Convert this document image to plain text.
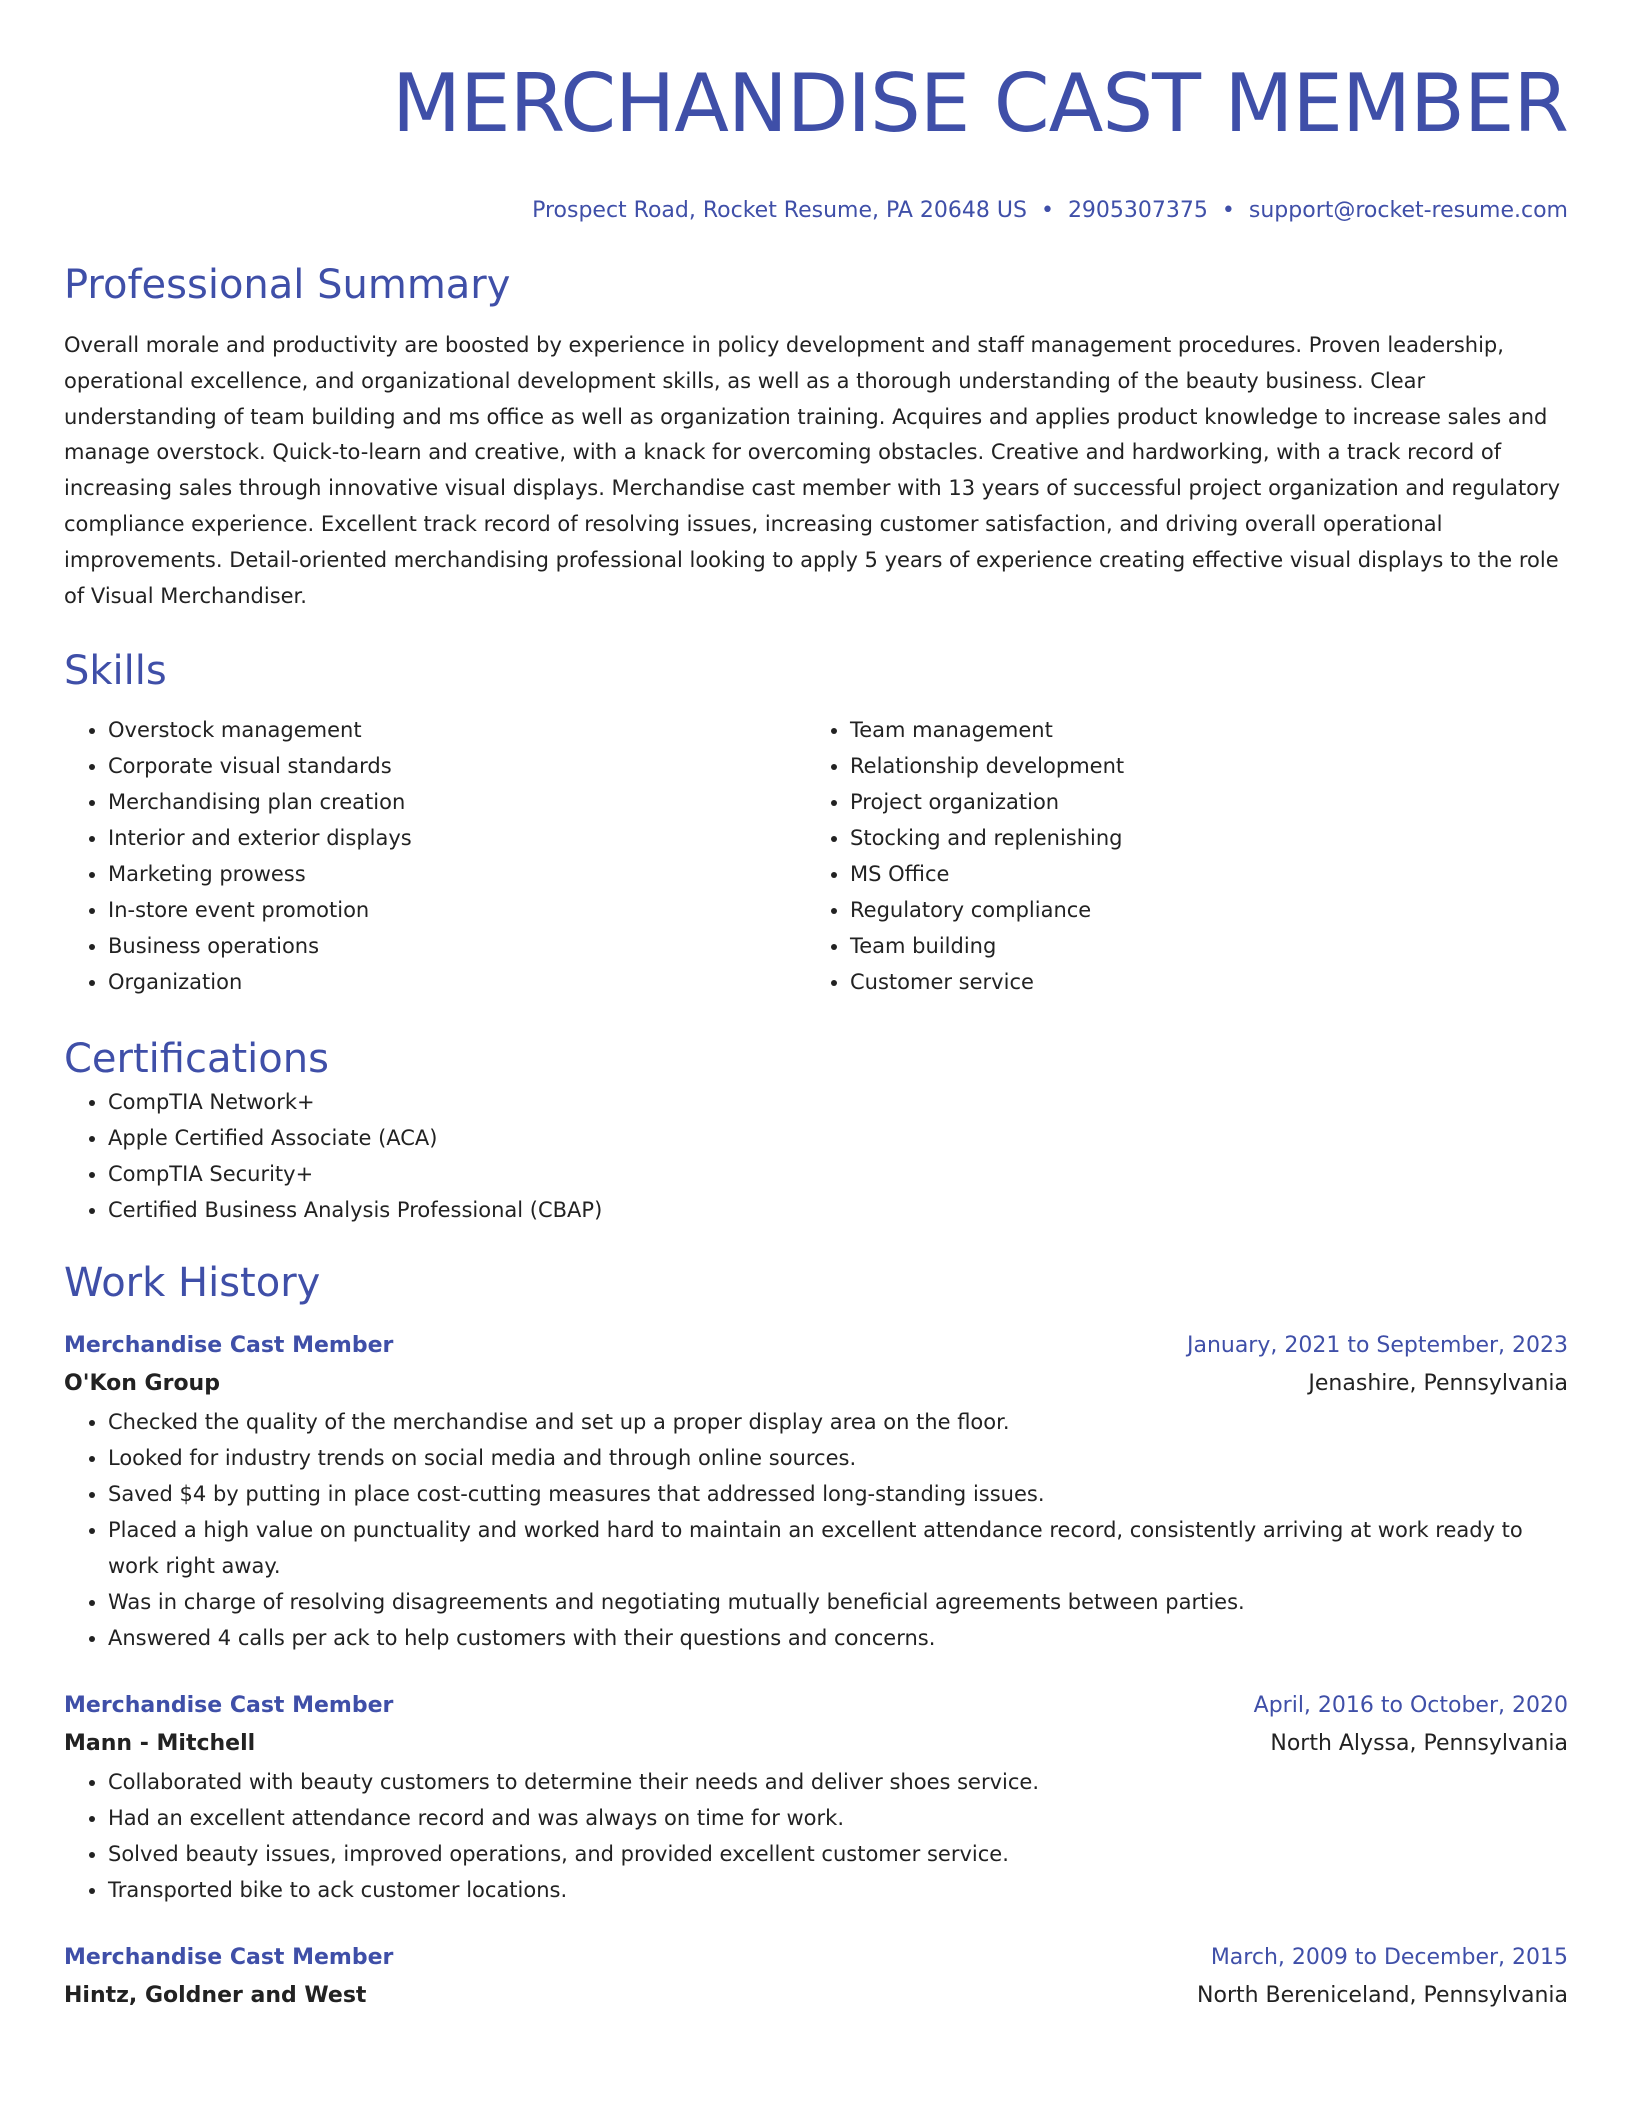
MERCHANDISE CAST MEMBER
Prospect Road, Rocket Resume, PA 20648 US • 2905307375 • support@rocket-resume.com
Professional Summary

Overall morale and productivity are boosted by experience in policy development and staff management procedures. Proven leadership, operational excellence, and organizational development skills, as well as a thorough understanding of the beauty business. Clear understanding of team building and ms office as well as organization training. Acquires and applies product knowledge to increase sales and manage overstock. Quick-to-learn and creative, with a knack for overcoming obstacles. Creative and hardworking, with a track record of increasing sales through innovative visual displays. Merchandise cast member with 13 years of successful project organization and regulatory compliance experience. Excellent track record of resolving issues, increasing customer satisfaction, and driving overall operational improvements. Detail-oriented merchandising professional looking to apply 5 years of experience creating effective visual displays to the role of Visual Merchandiser.

Skills
• Overstock management
• Corporate visual standards
• Merchandising plan creation
• Interior and exterior displays
• Marketing prowess
• In-store event promotion
• Business operations
• Organization
• Team management
• Relationship development
• Project organization
• Stocking and replenishing
• MS Office
• Regulatory compliance
• Team building
• Customer service
Certifications
• CompTIA Network+
• Apple Certified Associate (ACA)
• CompTIA Security+
• Certified Business Analysis Professional (CBAP)
Work History
Merchandise Cast Member	January, 2021 to September, 2023
O'Kon Group	Jenashire, Pennsylvania
• Checked the quality of the merchandise and set up a proper display area on the floor.
• Looked for industry trends on social media and through online sources.
• Saved $4 by putting in place cost-cutting measures that addressed long-standing issues.
• Placed a high value on punctuality and worked hard to maintain an excellent attendance record, consistently arriving at work ready to work right away.
• Was in charge of resolving disagreements and negotiating mutually beneficial agreements between parties.
• Answered 4 calls per ack to help customers with their questions and concerns.
Merchandise Cast Member	April, 2016 to October, 2020
Mann - Mitchell	North Alyssa, Pennsylvania
• Collaborated with beauty customers to determine their needs and deliver shoes service.
• Had an excellent attendance record and was always on time for work.
• Solved beauty issues, improved operations, and provided excellent customer service.
• Transported bike to ack customer locations.
Merchandise Cast Member	March, 2009 to December, 2015
Hintz, Goldner and West	North Bereniceland, Pennsylvania
